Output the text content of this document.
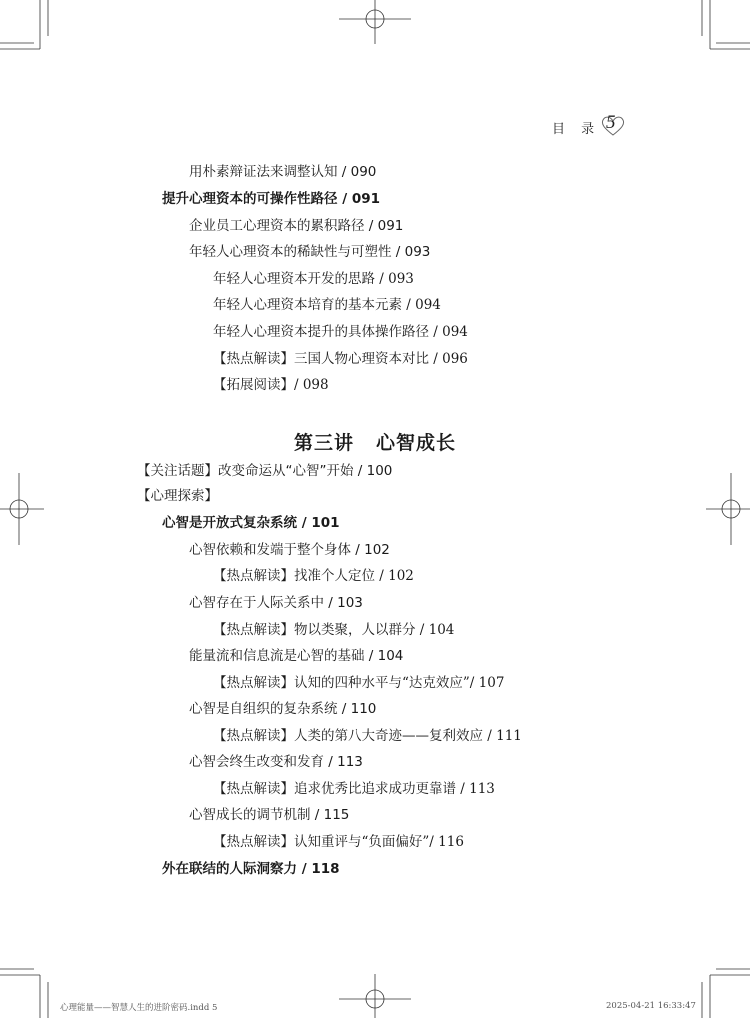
目 录 5
用朴素辩证法来调整认知 / 090
提升心理资本的可操作性路径 / 091
企业员工心理资本的累积路径 / 091
年轻人心理资本的稀缺性与可塑性 / 093
年轻人心理资本开发的思路 / 093
年轻人心理资本培育的基本元素 / 094
年轻人心理资本提升的具体操作路径 / 094
【热点解读】三国人物心理资本对比 / 096
【拓展阅读】/ 098
第三讲 心智成长
【关注话题】改变命运从“心智”开始 / 100
【心理探索】
心智是开放式复杂系统 / 101
心智依赖和发端于整个身体 / 102
【热点解读】找准个人定位 / 102
心智存在于人际关系中 / 103
【热点解读】物以类聚，人以群分 / 104
能量流和信息流是心智的基础 / 104
【热点解读】认知的四种水平与“达克效应”/ 107
心智是自组织的复杂系统 / 110
【热点解读】人类的第八大奇迹——复利效应 / 111
心智会终生改变和发育 / 113
【热点解读】追求优秀比追求成功更靠谱 / 113
心智成长的调节机制 / 115
【热点解读】认知重评与“负面偏好”/ 116
外在联结的人际洞察力 / 118
心理能量——智慧人生的进阶密码.indd 5	2025-04-21 16:33:47
